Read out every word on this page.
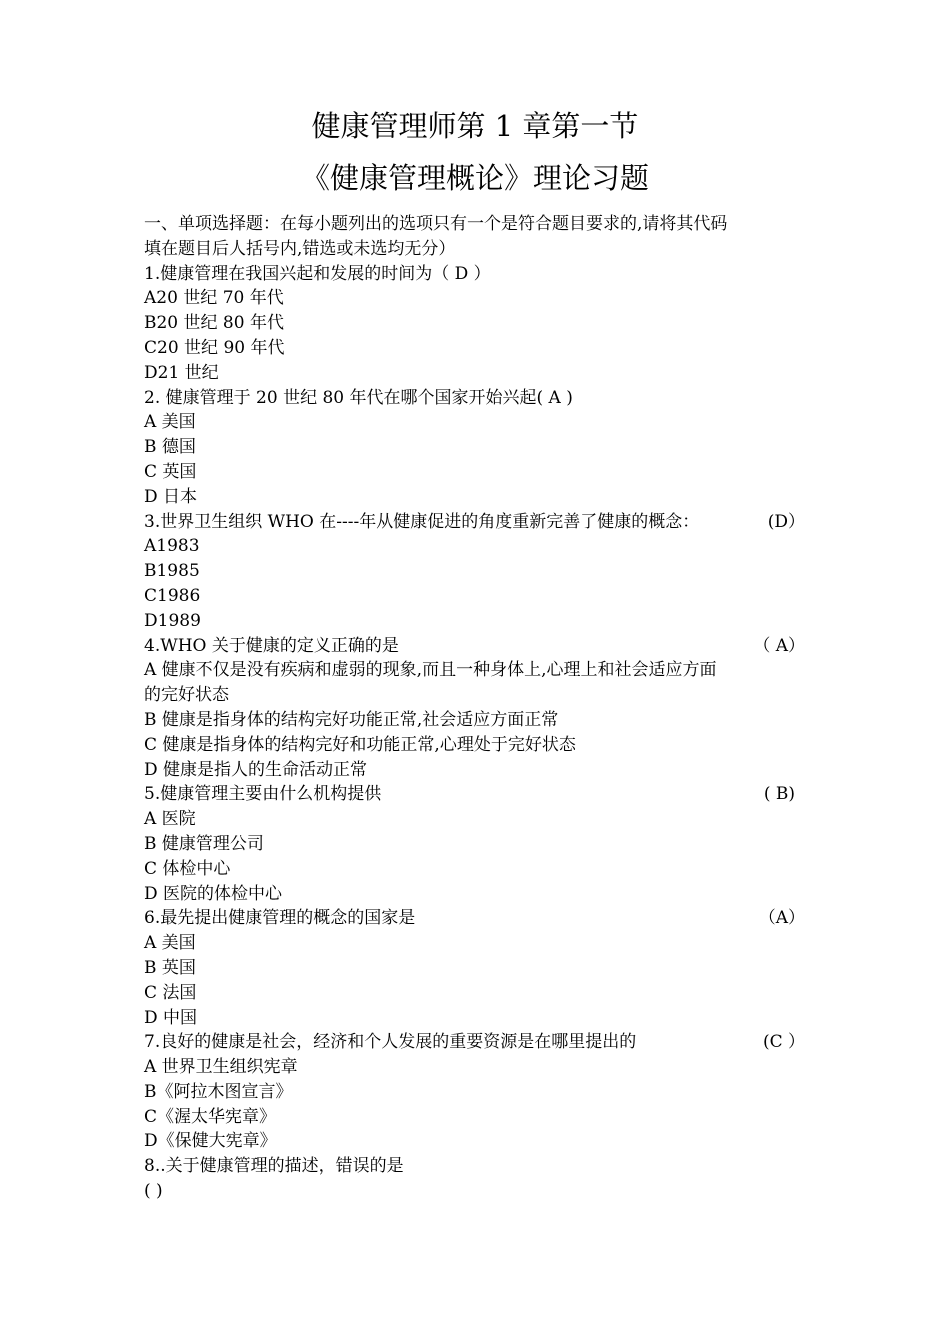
健康管理师第 1 章第一节
《健康管理概论》理论习题
一、单项选择题：在每小题列出的选项只有一个是符合题目要求的,请将其代码
填在题目后人括号内,错选或未选均无分）
1.健康管理在我国兴起和发展的时间为（ D ）
A20 世纪 70 年代
B20 世纪 80 年代
C20 世纪 90 年代
D21 世纪
2. 健康管理于 20 世纪 80 年代在哪个国家开始兴起( A )
A 美国
B 德国
C 英国
D 日本
3.世界卫生组织 WHO 在----年从健康促进的角度重新完善了健康的概念：	(D）
A1983
B1985
C1986
D1989
4.WHO 关于健康的定义正确的是	（ A）
A 健康不仅是没有疾病和虚弱的现象,而且一种身体上,心理上和社会适应方面
的完好状态
B 健康是指身体的结构完好功能正常,社会适应方面正常
C 健康是指身体的结构完好和功能正常,心理处于完好状态
D 健康是指人的生命活动正常
5.健康管理主要由什么机构提供	( B)
A 医院
B 健康管理公司
C 体检中心
D 医院的体检中心
6.最先提出健康管理的概念的国家是	（A）
A 美国
B 英国
C 法国
D 中国
7.良好的健康是社会，经济和个人发展的重要资源是在哪里提出的	(C ）
A 世界卫生组织宪章
B《阿拉木图宣言》
C《渥太华宪章》
D《保健大宪章》
8..关于健康管理的描述，错误的是
( )
